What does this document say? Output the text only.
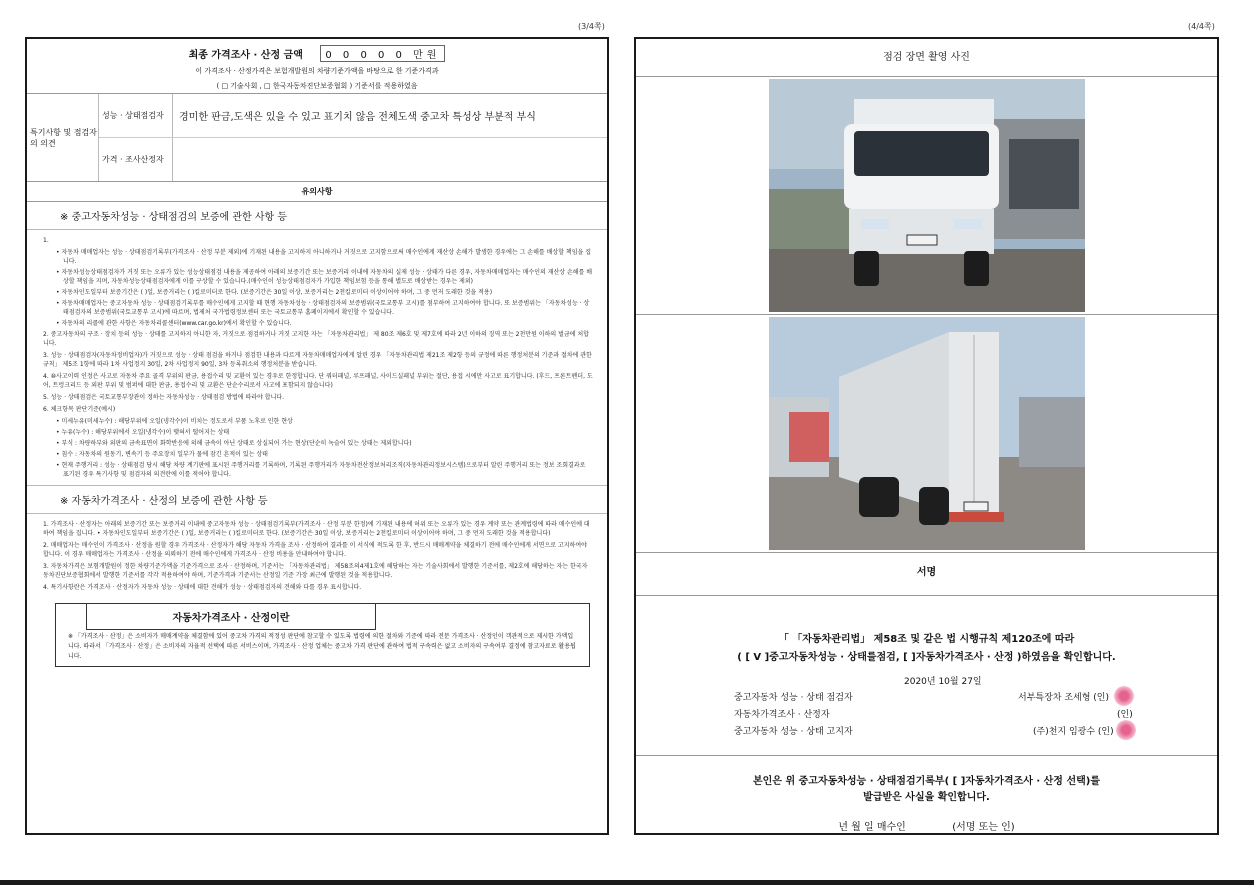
(3/4쪽)	(4/4쪽)
최종 가격조사 · 산정 금액 0 0 0 0 0 만원
이 가격조사 · 산정가격은 보험개발원의 차량기준가액을 바탕으로 한 기준가격과
( □ 기술사회 , □ 한국자동차진단보증협회 ) 기준서를 적용하였음
특기사항 및 점검자의 의견
성능 · 상태점검자	경미한 판금,도색은 있을 수 있고 표기치 않음 전체도색 중고차 특성상 부분적 부식
가격 · 조사산정자
유의사항
※ 중고자동차성능 · 상태점검의 보증에 관한 사항 등
1.
• 자동차 매매업자는 성능 · 상태점검기록부(가격조사 · 산정 부분 제외)에 기재된 내용을 고지하지 아니하거나 거짓으로 고지함으로써 매수인에게 재산상 손해가 발생한 경우에는 그 손해를 배상할 책임을 집니다.
• 자동차성능상태점검자가 거짓 또는 오류가 있는 성능상태점검 내용을 제공하여 아래의 보증기간 또는 보증거리 이내에 자동차의 실제 성능 · 상태가 다른 경우, 자동차매매업자는 매수인의 재산상 손해를 배상할 책임을 지며, 자동차성능상태점검자에게 이를 구상할 수 있습니다.(매수인이 성능상태점검자가 가입한 책임보험 등을 통해 별도로 배상받는 경우는 제외)
• 자동차인도일부터 보증기간은 ( )일, 보증거리는 ( )킬로미터로 한다. (보증기간은 30일 이상, 보증거리는 2천킬로미터 이상이어야 하며, 그 중 먼저 도래한 것을 적용)
• 자동차매매업자는 중고자동차 성능 · 상태점검기록부를 매수인에게 고지할 때 현행 자동차성능 · 상태점검자의 보증범위(국토교통부 고시)를 첨부하여 고지하여야 합니다. 또 보증범위는 「자동차성능 · 상태점검자의 보증범위(국토교통부 고시)에 따르며, 법제처 국가법령정보센터 또는 국토교통부 홈페이지에서 확인할 수 있습니다.
• 자동차의 리콜에 관한 사항은 자동차리콜센터(www.car.go.kr)에서 확인할 수 있습니다.
2. 중고자동차의 구조 · 장치 등의 성능 · 상태를 고지하지 아니한 자, 거짓으로 점검하거나 거짓 고지한 자는 「자동차관리법」 제 80조 제6호 및 제7호에 따라 2년 이하의 징역 또는 2천만원 이하의 벌금에 처합니다.
3. 성능 · 상태점검자(자동차정비업자)가 거짓으로 성능 · 상태 점검을 하거나 점검한 내용과 다르게 자동차매매업자에게 알린 경우 「자동차관리법 제21조 제2항 등의 규정에 따른 행정처분의 기준과 절차에 관한 규칙」 제5조 1항에 따라 1차 사업정지 30일, 2차 사업정지 90일, 3차 등록취소의 행정처분을 받습니다.
4. ⑩사고이력 인정은 사고로 자동차 주요 골격 부위의 판금, 용접수리 및 교환이 있는 경우로 한정합니다. 단 쿼터패널, 루프패널, 사이드실패널 부위는 절단, 용접 시에만 사고로 표기합니다. (후드, 프론트펜더, 도어, 트렁크리드 등 외판 부위 및 범퍼에 대한 판금, 용접수리 및 교환은 단순수리로서 사고에 포함되지 않습니다)
5. 성능 · 상태점검은 국토교통부장관이 정하는 자동차성능 · 상태점검 방법에 따라야 합니다.
6. 체크항목 판단기준(예시)
• 미세누유(미세누수) : 해당부위에 오일(냉각수)이 비치는 정도로서 부품 노후로 인한 현상
• 누유(누수) : 해당부위에서 오일(냉각수)이 맺혀서 떨어지는 상태
• 부식 : 차량하부와 외판의 금속표면이 화학반응에 의해 금속이 아닌 상태로 상실되어 가는 현상(단순히 녹슬어 있는 상태는 제외합니다)
• 침수 : 자동차의 원동기, 변속기 등 주요장치 일부가 물에 잠긴 흔적이 있는 상태
• 현재 주행거리 : 성능 · 상태점검 당시 해당 차량 계기판에 표시된 주행거리를 기록하며, 기록된 주행거리가 자동차전산정보처리조직(자동차관리정보시스템)으로부터 알린 주행거리 또는 정보 조회결과로 표기된 경우 특기사항 및 점검자의 의견란에 이를 적어야 합니다.
※ 자동차가격조사 · 산정의 보증에 관한 사항 등
1. 가격조사 · 산정자는 아래의 보증기간 또는 보증거리 이내에 중고자동차 성능 · 상태점검기록부(가격조사 · 산정 부분 한정)에 기재된 내용에 허위 또는 오류가 있는 경우 계약 또는 관계법령에 따라 매수인에 대하여 책임을 집니다. • 자동차인도일부터 보증기간은 ( )일, 보증거리는 ( )킬로미터로 한다. (보증기간은 30일 이상, 보증거리는 2천킬로미터 이상이어야 하며, 그 중 먼저 도래한 것을 적용합니다)
2. 매매업자는 매수인이 가격조사 · 산정을 원할 경우 가격조사 · 산정자가 해당 자동차 가격을 조사 · 산정하여 결과를 이 서식에 적도록 한 후, 반드시 매매계약을 체결하기 전에 매수인에게 서면으로 고지하여야 합니다. 이 경우 매매업자는 가격조사 · 산정을 의뢰하기 전에 매수인에게 가격조사 · 산정 비용을 안내하여야 합니다.
3. 자동차가격은 보험개발원이 정한 차량기준가액을 기준가격으로 조사 · 산정하며, 기준서는 「자동차관리법」 제58조의4제1호에 해당하는 자는 기술사회에서 발행한 기준서를, 제2호에 해당하는 자는 한국자동차진단보증협회에서 발행한 기준서를 각각 적용하여야 하며, 기준가격과 기준서는 산정일 기준 가장 최근에 발행된 것을 적용합니다.
4. 특기사항란은 가격조사 · 산정자가 자동차 성능 · 상태에 대한 견해가 성능 · 상태점검자의 견해와 다를 경우 표시합니다.
자동차가격조사 · 산정이란
※ 「가격조사 · 산정」은 소비자가 매매계약을 체결함에 있어 중고차 가격의 적정성 판단에 참고할 수 있도록 법령에 의한 절차와 기준에 따라 전문 가격조사 · 산정인이 객관적으로 제시한 가액입니다. 따라서 「가격조사 · 산정」은 소비자의 자율적 선택에 따른 서비스이며, 가격조사 · 산정 업체는 중고차 가격 판단에 관하여 법적 구속력은 없고 소비자의 구속여부 결정에 참고자료로 활용됩니다.
점검 장면 촬영 사진
서명
「 「자동차관리법」 제58조 및 같은 법 시행규칙 제120조에 따라
( [ V ]중고자동차성능 · 상태를점검, [ ]자동차가격조사 · 산정 )하였음을 확인합니다.
2020년 10월 27일
중고자동차 성능 · 상태 점검자	서부특장차 조세형 (인)
자동차가격조사 · 산정자	(인)
중고자동차 성능 · 상태 고지자	(주)천지 임광수 (인)
본인은 위 중고자동차성능 · 상태점검기록부( [ ]자동차가격조사 · 산정 선택)를
발급받은 사실을 확인합니다.
년 월 일 매수인	(서명 또는 인)
